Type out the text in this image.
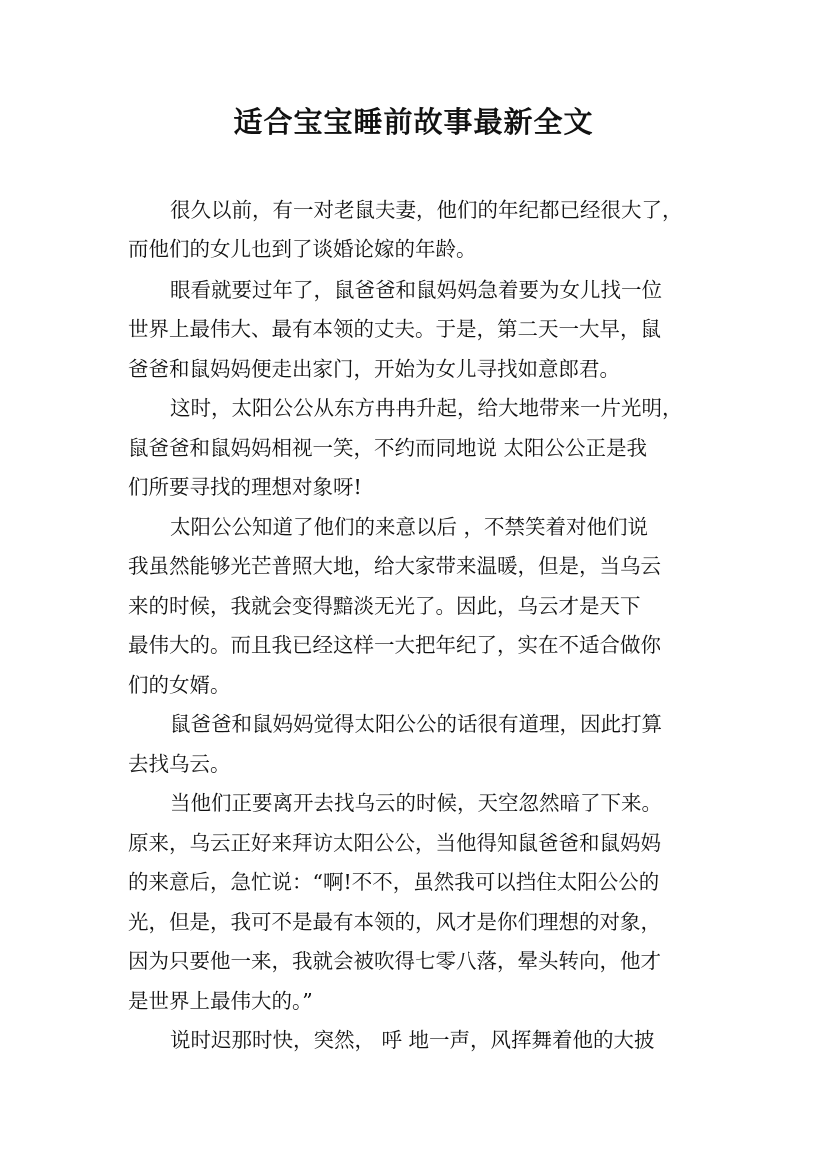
适合宝宝睡前故事最新全文

很久以前，有一对老鼠夫妻，他们的年纪都已经很大了，

而他们的女儿也到了谈婚论嫁的年龄。

眼看就要过年了，鼠爸爸和鼠妈妈急着要为女儿找一位

世界上最伟大、最有本领的丈夫。于是，第二天一大早，鼠

爸爸和鼠妈妈便走出家门，开始为女儿寻找如意郎君。

这时，太阳公公从东方冉冉升起，给大地带来一片光明，

鼠爸爸和鼠妈妈相视一笑，不约而同地说 太阳公公正是我

们所要寻找的理想对象呀!

太阳公公知道了他们的来意以后 ，不禁笑着对他们说

我虽然能够光芒普照大地，给大家带来温暖，但是，当乌云

来的时候，我就会变得黯淡无光了。因此，乌云才是天下

最伟大的。而且我已经这样一大把年纪了，实在不适合做你

们的女婿。

鼠爸爸和鼠妈妈觉得太阳公公的话很有道理，因此打算

去找乌云。

当他们正要离开去找乌云的时候，天空忽然暗了下来。

原来，乌云正好来拜访太阳公公，当他得知鼠爸爸和鼠妈妈

的来意后，急忙说：“啊!不不，虽然我可以挡住太阳公公的

光，但是，我可不是最有本领的，风才是你们理想的对象，

因为只要他一来，我就会被吹得七零八落，晕头转向，他才

是世界上最伟大的。”

说时迟那时快，突然， 呼 地一声，风挥舞着他的大披
